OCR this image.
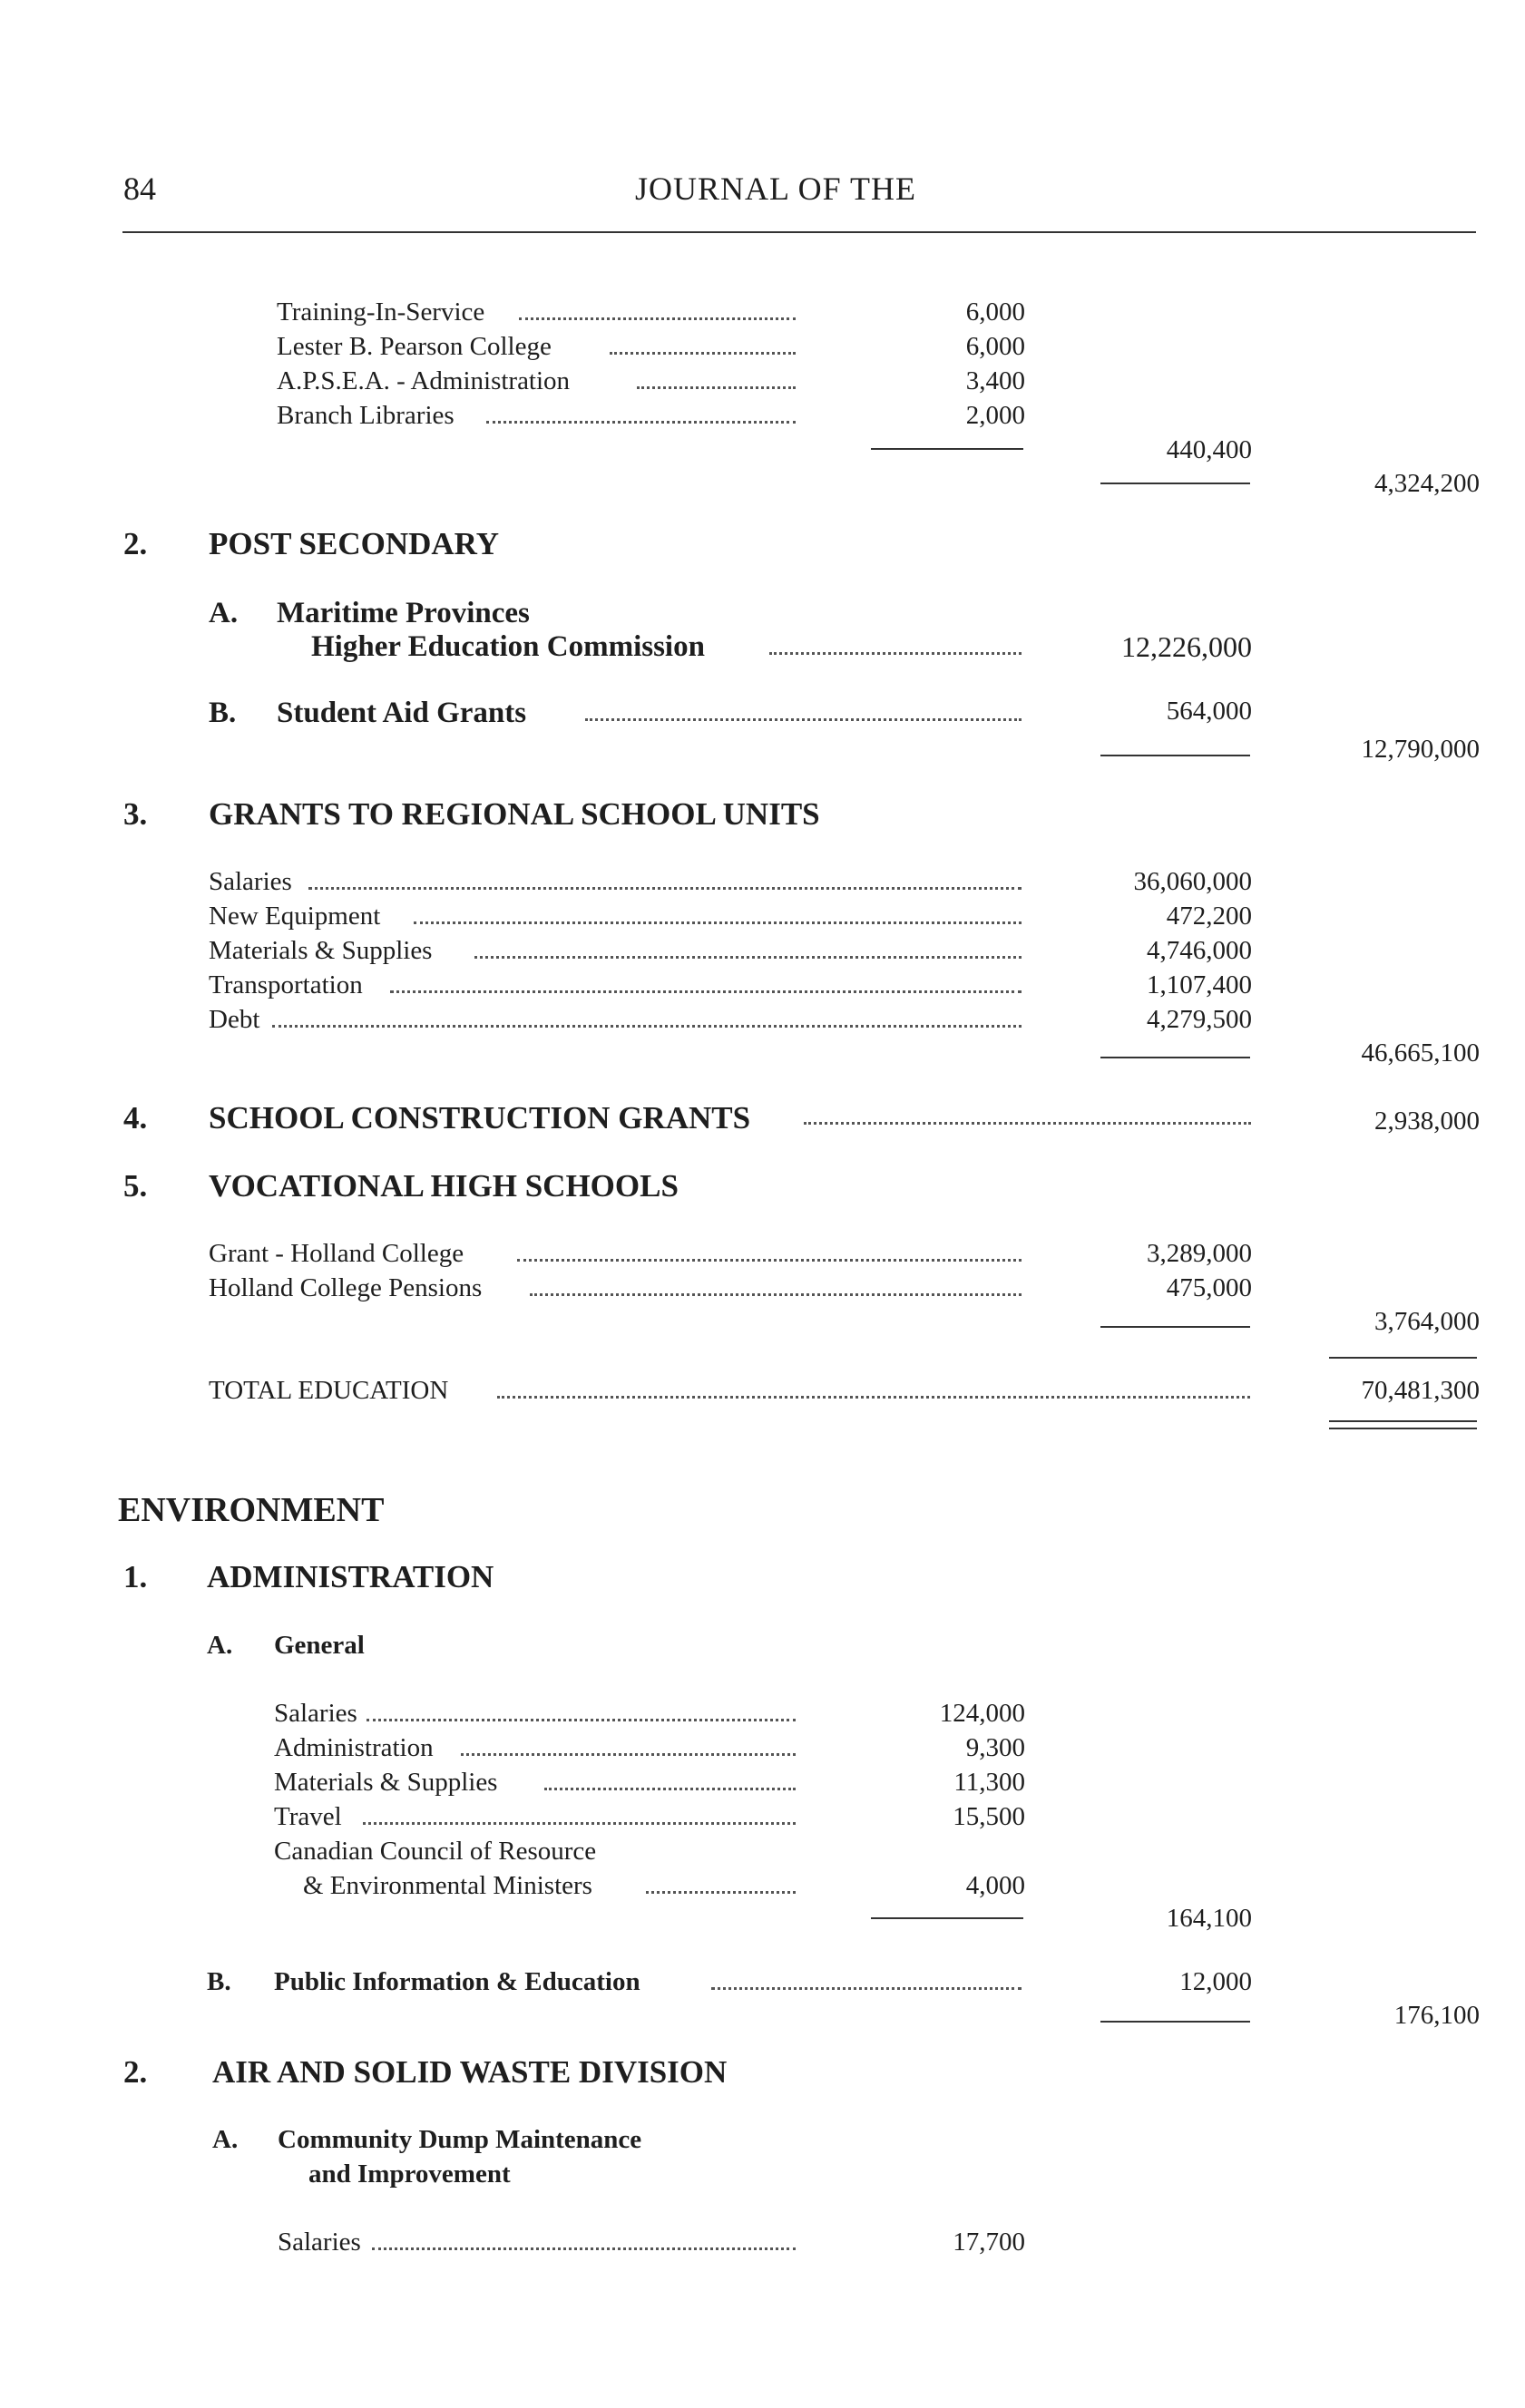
84	JOURNAL OF THE
Training-In-Service	6,000
Lester B. Pearson College	6,000
A.P.S.E.A. - Administration	3,400
Branch Libraries	2,000
440,400
4,324,200
2. POST SECONDARY
A. Maritime Provinces
Higher Education Commission	12,226,000
B. Student Aid Grants	564,000
12,790,000
3. GRANTS TO REGIONAL SCHOOL UNITS
Salaries	36,060,000
New Equipment	472,200
Materials & Supplies	4,746,000
Transportation	1,107,400
Debt	4,279,500
46,665,100
4. SCHOOL CONSTRUCTION GRANTS	2,938,000
5. VOCATIONAL HIGH SCHOOLS
Grant - Holland College	3,289,000
Holland College Pensions	475,000
3,764,000
TOTAL EDUCATION	70,481,300
ENVIRONMENT
1. ADMINISTRATION
A. General
Salaries	124,000
Administration	9,300
Materials & Supplies	11,300
Travel	15,500
Canadian Council of Resource
& Environmental Ministers	4,000
164,100
B. Public Information & Education	12,000
176,100
2. AIR AND SOLID WASTE DIVISION
A. Community Dump Maintenance
and Improvement
Salaries	17,700
